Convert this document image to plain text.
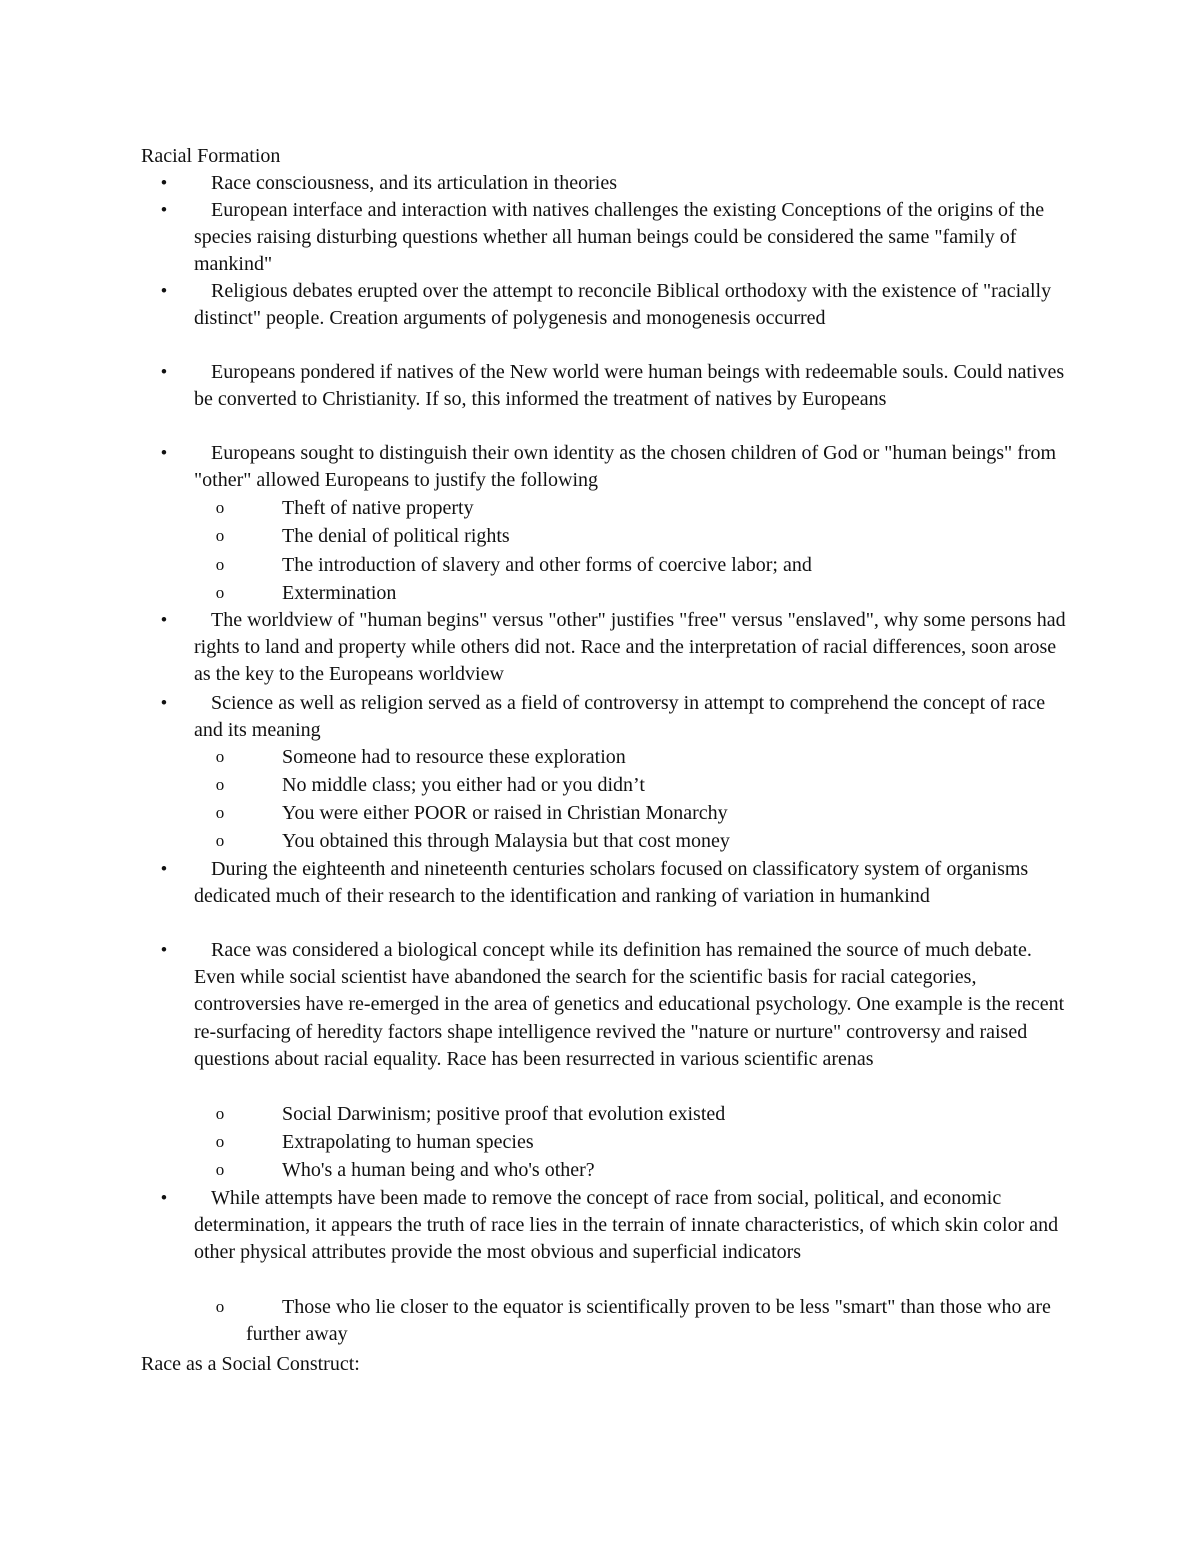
Racial Formation
•	Race consciousness, and its articulation in theories
•	European interface and interaction with natives challenges the existing Conceptions of the origins of the species raising disturbing questions whether all human beings could be considered the same "family of mankind"
•	Religious debates erupted over the attempt to reconcile Biblical orthodoxy with the existence of "racially distinct" people. Creation arguments of polygenesis and monogenesis occurred
•	Europeans pondered if natives of the New world were human beings with redeemable souls. Could natives be converted to Christianity. If so, this informed the treatment of natives by Europeans
•	Europeans sought to distinguish their own identity as the chosen children of God or "human beings" from "other" allowed Europeans to justify the following
o	Theft of native property
o	The denial of political rights
o	The introduction of slavery and other forms of coercive labor; and
o	Extermination
•	The worldview of "human begins" versus "other" justifies "free" versus "enslaved", why some persons had rights to land and property while others did not. Race and the interpretation of racial differences, soon arose as the key to the Europeans worldview
•	Science as well as religion served as a field of controversy in attempt to comprehend the concept of race and its meaning
o	Someone had to resource these exploration
o	No middle class; you either had or you didn’t
o	You were either POOR or raised in Christian Monarchy
o	You obtained this through Malaysia but that cost money
•	During the eighteenth and nineteenth centuries scholars focused on classificatory system of organisms dedicated much of their research to the identification and ranking of variation in humankind
•	Race was considered a biological concept while its definition has remained the source of much debate. Even while social scientist have abandoned the search for the scientific basis for racial categories, controversies have re-emerged in the area of genetics and educational psychology. One example is the recent re-surfacing of heredity factors shape intelligence revived the "nature or nurture" controversy and raised questions about racial equality. Race has been resurrected in various scientific arenas
o	Social Darwinism; positive proof that evolution existed
o	Extrapolating to human species
o	Who's a human being and who's other?
•	While attempts have been made to remove the concept of race from social, political, and economic determination, it appears the truth of race lies in the terrain of innate characteristics, of which skin color and other physical attributes provide the most obvious and superficial indicators
o	Those who lie closer to the equator is scientifically proven to be less "smart" than those who are further away
Race as a Social Construct:
